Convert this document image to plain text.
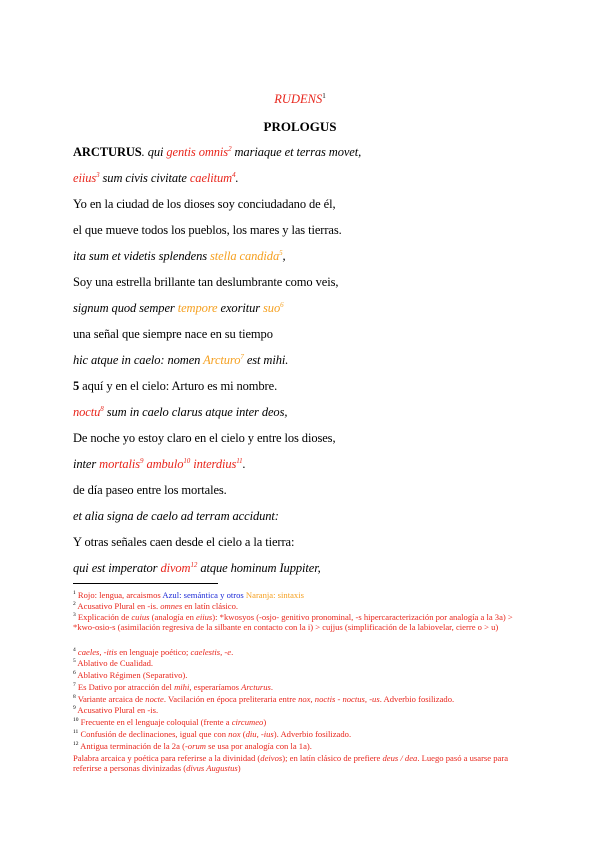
RUDENS$^1$
PROLOGUS
ARCTURUS. qui gentis omnis$^2$ mariaque et terras movet,
eiius$^3$ sum civis civitate caelitum$^4$.
Yo en la ciudad de los dioses soy conciudadano de él,
el que mueve todos los pueblos, los mares y las tierras.
ita sum et videtis splendens stella candida$^5$,
Soy una estrella brillante tan deslumbrante como veis,
signum quod semper tempore exoritur suo$^6$
una señal que siempre nace en su tiempo
hic atque in caelo: nomen Arcturo$^7$ est mihi.
5 aquí y en el cielo: Arturo es mi nombre.
noctu$^8$ sum in caelo clarus atque inter deos,
De noche yo estoy claro en el cielo y entre los dioses,
inter mortalis$^9$ ambulo$^{10}$ interdius$^{11}$.
de día paseo entre los mortales.
et alia signa de caelo ad terram accidunt:
Y otras señales caen desde el cielo a la tierra:
qui est imperator divom$^{12}$ atque hominum Iuppiter,
$^1$ Rojo: lengua, arcaismos Azul: semántica y otros Naranja: sintaxis
$^2$ Acusativo Plural en -is. omnes en latín clásico.
$^3$ Explicación de cuius (analogía en eiius): *kwosyos (-osjo- genitivo pronominal, -s hipercaracterización por analogía a la 3a) > *kwo-osio-s (asimilación regresiva de la silbante en contacto con la i) > cujjus (simplificación de la labiovelar, cierre o > u)
$^4$ caeles, -itis en lenguaje poético; caelestis, -e.
$^5$ Ablativo de Cualidad.
$^6$ Ablativo Régimen (Separativo).
$^7$ Es Dativo por atracción del mihi, esperaríamos Arcturus.
$^8$ Variante arcaica de nocte. Vacilación en época preliteraria entre nox, noctis - noctus, -us. Adverbio fosilizado.
$^9$ Acusativo Plural en -is.
$^{10}$ Frecuente en el lenguaje coloquial (frente a circumeo)
$^{11}$ Confusión de declinaciones, igual que con nox (diu, -ius). Adverbio fosilizado.
$^{12}$ Antigua terminación de la 2a (-orum se usa por analogía con la 1a).
Palabra arcaica y poética para referirse a la divinidad (deivos); en latín clásico de prefiere deus / dea. Luego pasó a usarse para referirse a personas divinizadas (divus Augustus)
